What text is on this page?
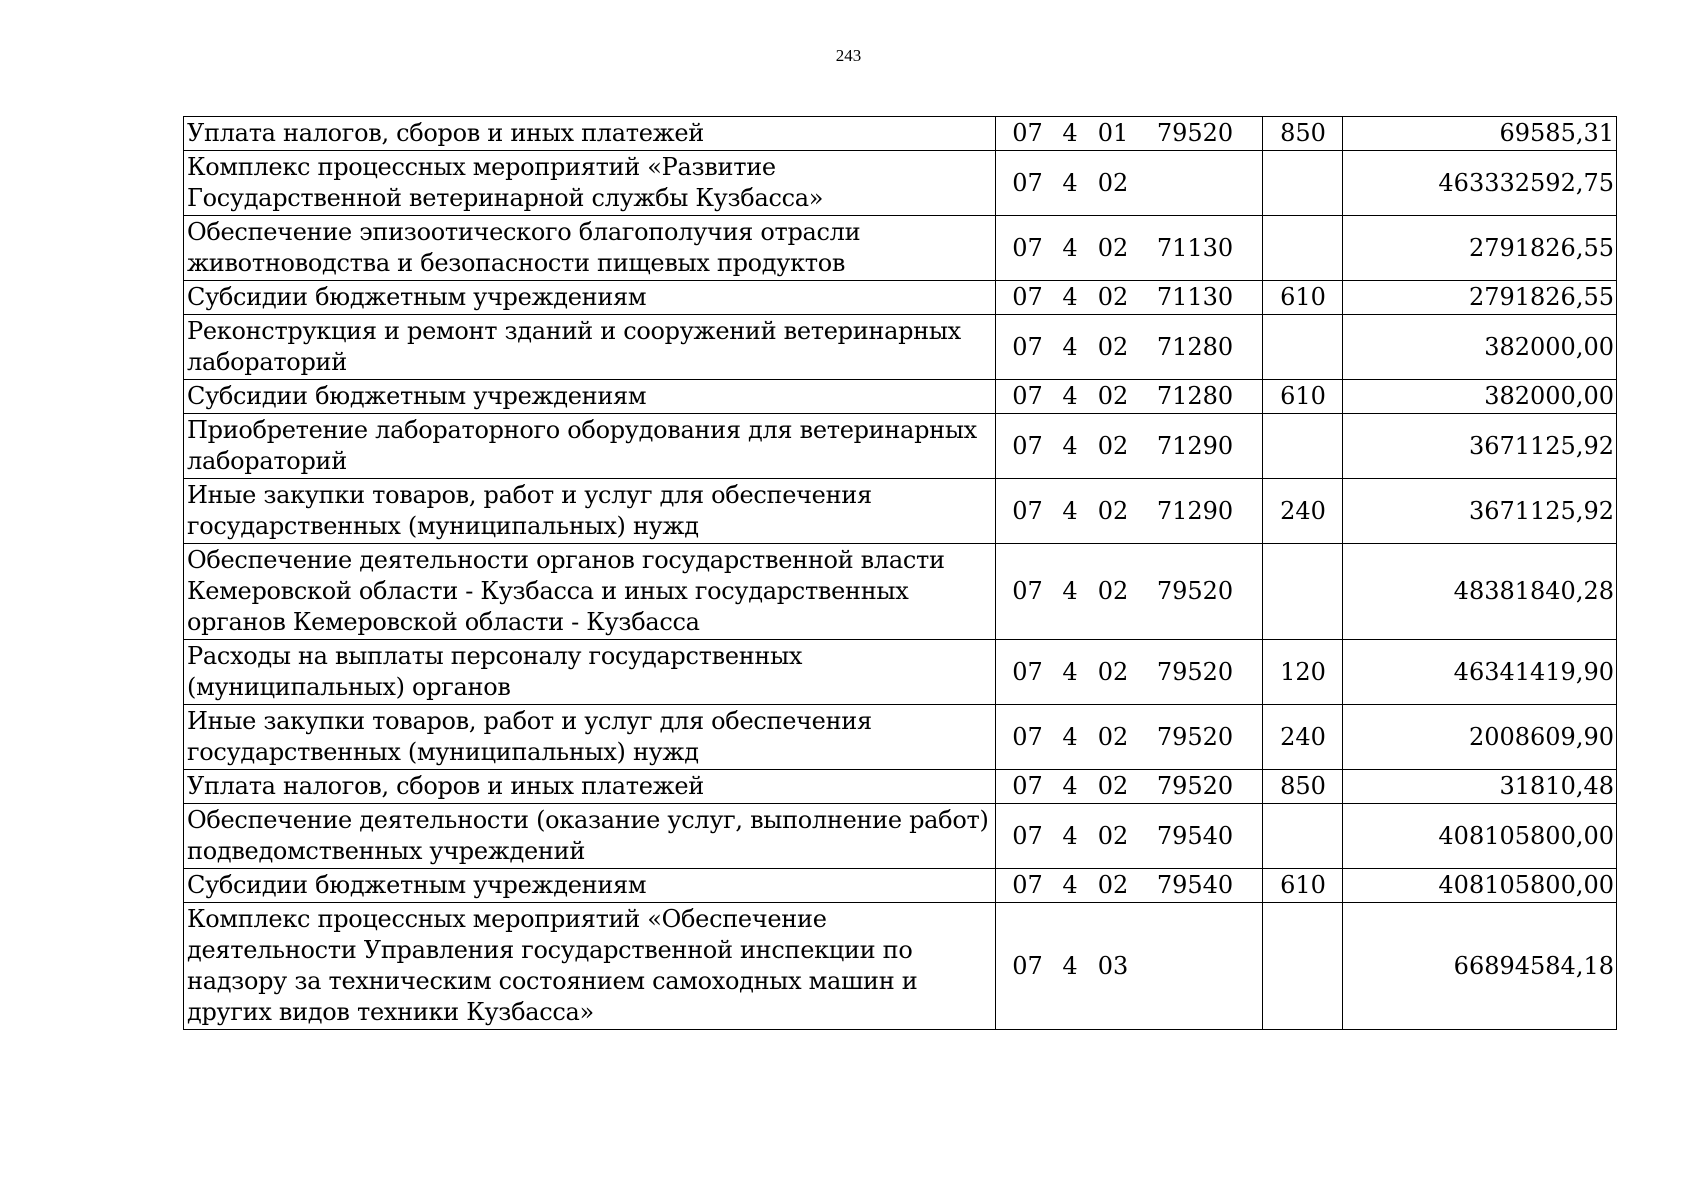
243
Уплата налогов, сборов и иных платежей	07 4 01 79520	850	69585,31
Комплекс процессных мероприятий «Развитие Государственной ветеринарной службы Кузбасса»	07 4 02		463332592,75
Обеспечение эпизоотического благополучия отрасли животноводства и безопасности пищевых продуктов	07 4 02 71130		2791826,55
Субсидии бюджетным учреждениям	07 4 02 71130	610	2791826,55
Реконструкция и ремонт зданий и сооружений ветеринарных лабораторий	07 4 02 71280		382000,00
Субсидии бюджетным учреждениям	07 4 02 71280	610	382000,00
Приобретение лабораторного оборудования для ветеринарных лабораторий	07 4 02 71290		3671125,92
Иные закупки товаров, работ и услуг для обеспечения государственных (муниципальных) нужд	07 4 02 71290	240	3671125,92
Обеспечение деятельности органов государственной власти Кемеровской области - Кузбасса и иных государственных органов Кемеровской области - Кузбасса	07 4 02 79520		48381840,28
Расходы на выплаты персоналу государственных (муниципальных) органов	07 4 02 79520	120	46341419,90
Иные закупки товаров, работ и услуг для обеспечения государственных (муниципальных) нужд	07 4 02 79520	240	2008609,90
Уплата налогов, сборов и иных платежей	07 4 02 79520	850	31810,48
Обеспечение деятельности (оказание услуг, выполнение работ) подведомственных учреждений	07 4 02 79540		408105800,00
Субсидии бюджетным учреждениям	07 4 02 79540	610	408105800,00
Комплекс процессных мероприятий «Обеспечение деятельности Управления государственной инспекции по надзору за техническим состоянием самоходных машин и других видов техники Кузбасса»	07 4 03		66894584,18
